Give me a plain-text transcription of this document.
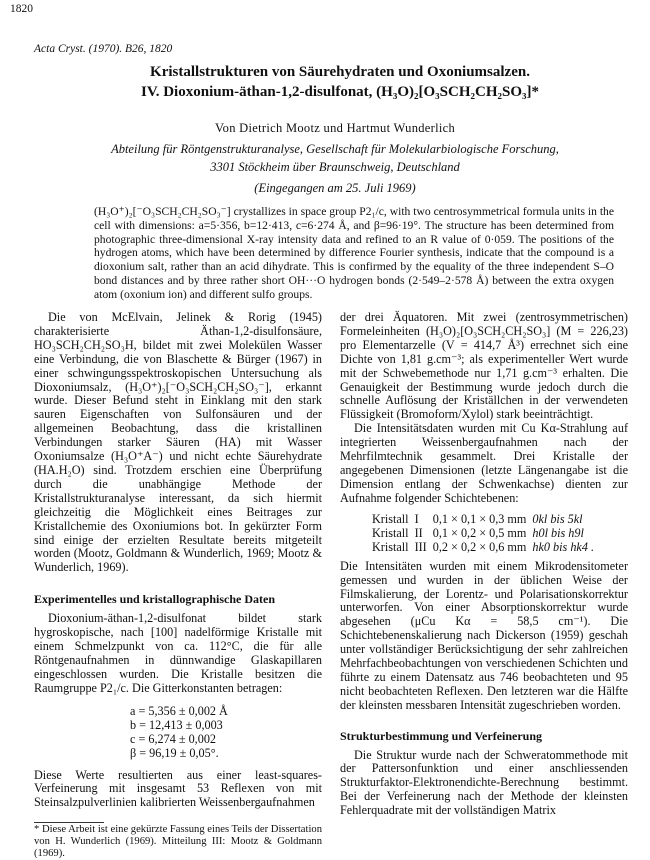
1820
Acta Cryst. (1970). B26, 1820
Kristallstrukturen von Säurehydraten und Oxoniumsalzen.
IV. Dioxonium-äthan-1,2-disulfonat, (H₃O)₂[O₃SCH₂CH₂SO₃]*
Von Dietrich Mootz und Hartmut Wunderlich
Abteilung für Röntgenstrukturanalyse, Gesellschaft für Molekularbiologische Forschung,
3301 Stöckheim über Braunschweig, Deutschland
(Eingegangen am 25. Juli 1969)
(H₃O⁺)₂[⁻O₃SCH₂CH₂SO₃⁻] crystallizes in space group P2₁/c, with two centrosymmetrical formula units in the cell with dimensions: a=5·356, b=12·413, c=6·274 Å, and β=96·19°. The structure has been determined from photographic three-dimensional X-ray intensity data and refined to an R value of 0·059. The positions of the hydrogen atoms, which have been determined by difference Fourier synthesis, indicate that the compound is a dioxonium salt, rather than an acid dihydrate. This is confirmed by the equality of the three independent S–O bond distances and by three rather short OH···O hydrogen bonds (2·549–2·578 Å) between the extra oxygen atom (oxonium ion) and different sulfo groups.

Die von McElvain, Jelinek & Rorig (1945) charakterisierte Äthan-1,2-disulfonsäure, HO₃SCH₂CH₂SO₃H, bildet mit zwei Molekülen Wasser eine Verbindung, die von Blaschette & Bürger (1967) in einer schwingungsspektroskopischen Untersuchung als Dioxoniumsalz, (H₃O⁺)₂[⁻O₃SCH₂CH₂SO₃⁻], erkannt wurde. Dieser Befund steht in Einklang mit den stark sauren Eigenschaften von Sulfonsäuren und der allgemeinen Beobachtung, dass die kristallinen Verbindungen starker Säuren (HA) mit Wasser Oxoniumsalze (H₃O⁺A⁻) und nicht echte Säurehydrate (HA.H₂O) sind. Trotzdem erschien eine Überprüfung durch die unabhängige Methode der Kristallstrukturanalyse interessant, da sich hiermit gleichzeitig die Möglichkeit eines Beitrages zur Kristallchemie des Oxoniumions bot. In gekürzter Form sind einige der erzielten Resultate bereits mitgeteilt worden (Mootz, Goldmann & Wunderlich, 1969; Mootz & Wunderlich, 1969).

Experimentelles und kristallographische Daten

Dioxonium-äthan-1,2-disulfonat bildet stark hygroskopische, nach [100] nadelförmige Kristalle mit einem Schmelzpunkt von ca. 112°C, die für alle Röntgenaufnahmen in dünnwandige Glaskapillaren eingeschlossen wurden. Die Kristalle besitzen die Raumgruppe P2₁/c. Die Gitterkonstanten betragen:

a = 5,356 ± 0,002 Å
b = 12,413 ± 0,003
c = 6,274 ± 0,002
β = 96,19 ± 0,05°.

Diese Werte resultierten aus einer least-squares-Verfeinerung mit insgesamt 53 Reflexen von mit Steinsalzpulverlinien kalibrierten Weissenbergaufnahmen

* Diese Arbeit ist eine gekürzte Fassung eines Teils der Dissertation von H. Wunderlich (1969). Mitteilung III: Mootz & Goldmann (1969).

der drei Äquatoren. Mit zwei (zentrosymmetrischen) Formeleinheiten (H₃O)₂[O₃SCH₂CH₂SO₃] (M = 226,23) pro Elementarzelle (V = 414,7 Å³) errechnet sich eine Dichte von 1,81 g.cm⁻³; als experimenteller Wert wurde mit der Schwebemethode nur 1,71 g.cm⁻³ erhalten. Die Genauigkeit der Bestimmung wurde jedoch durch die schnelle Auflösung der Kriställchen in der verwendeten Flüssigkeit (Bromoform/Xylol) stark beeinträchtigt.

Die Intensitätsdaten wurden mit Cu Kα-Strahlung auf integrierten Weissenbergaufnahmen nach der Mehrfilmtechnik gesammelt. Drei Kristalle der angegebenen Dimensionen (letzte Längenangabe ist die Dimension entlang der Schwenkachse) dienten zur Aufnahme folgender Schichtebenen:

Kristall	I	0,1 × 0,1 × 0,3 mm	0kl bis 5kl
Kristall	II	0,1 × 0,2 × 0,5 mm	h0l bis h9l
Kristall	III	0,2 × 0,2 × 0,6 mm	hk0 bis hk4 .

Die Intensitäten wurden mit einem Mikrodensitometer gemessen und wurden in der üblichen Weise der Filmskalierung, der Lorentz- und Polarisationskorrektur unterworfen. Von einer Absorptionskorrektur wurde abgesehen (μCu Kα = 58,5 cm⁻¹). Die Schichtebenenskalierung nach Dickerson (1959) geschah unter vollständiger Berücksichtigung der sehr zahlreichen Mehrfachbeobachtungen von verschiedenen Schichten und führte zu einem Datensatz aus 746 beobachteten und 95 nicht beobachteten Reflexen. Den letzteren war die Hälfte der kleinsten messbaren Intensität zugeschrieben worden.

Strukturbestimmung und Verfeinerung

Die Struktur wurde nach der Schweratommethode mit der Pattersonfunktion und einer anschliessenden Strukturfaktor-Elektronendichte-Berechnung bestimmt. Bei der Verfeinerung nach der Methode der kleinsten Fehlerquadrate mit der vollständigen Matrix
